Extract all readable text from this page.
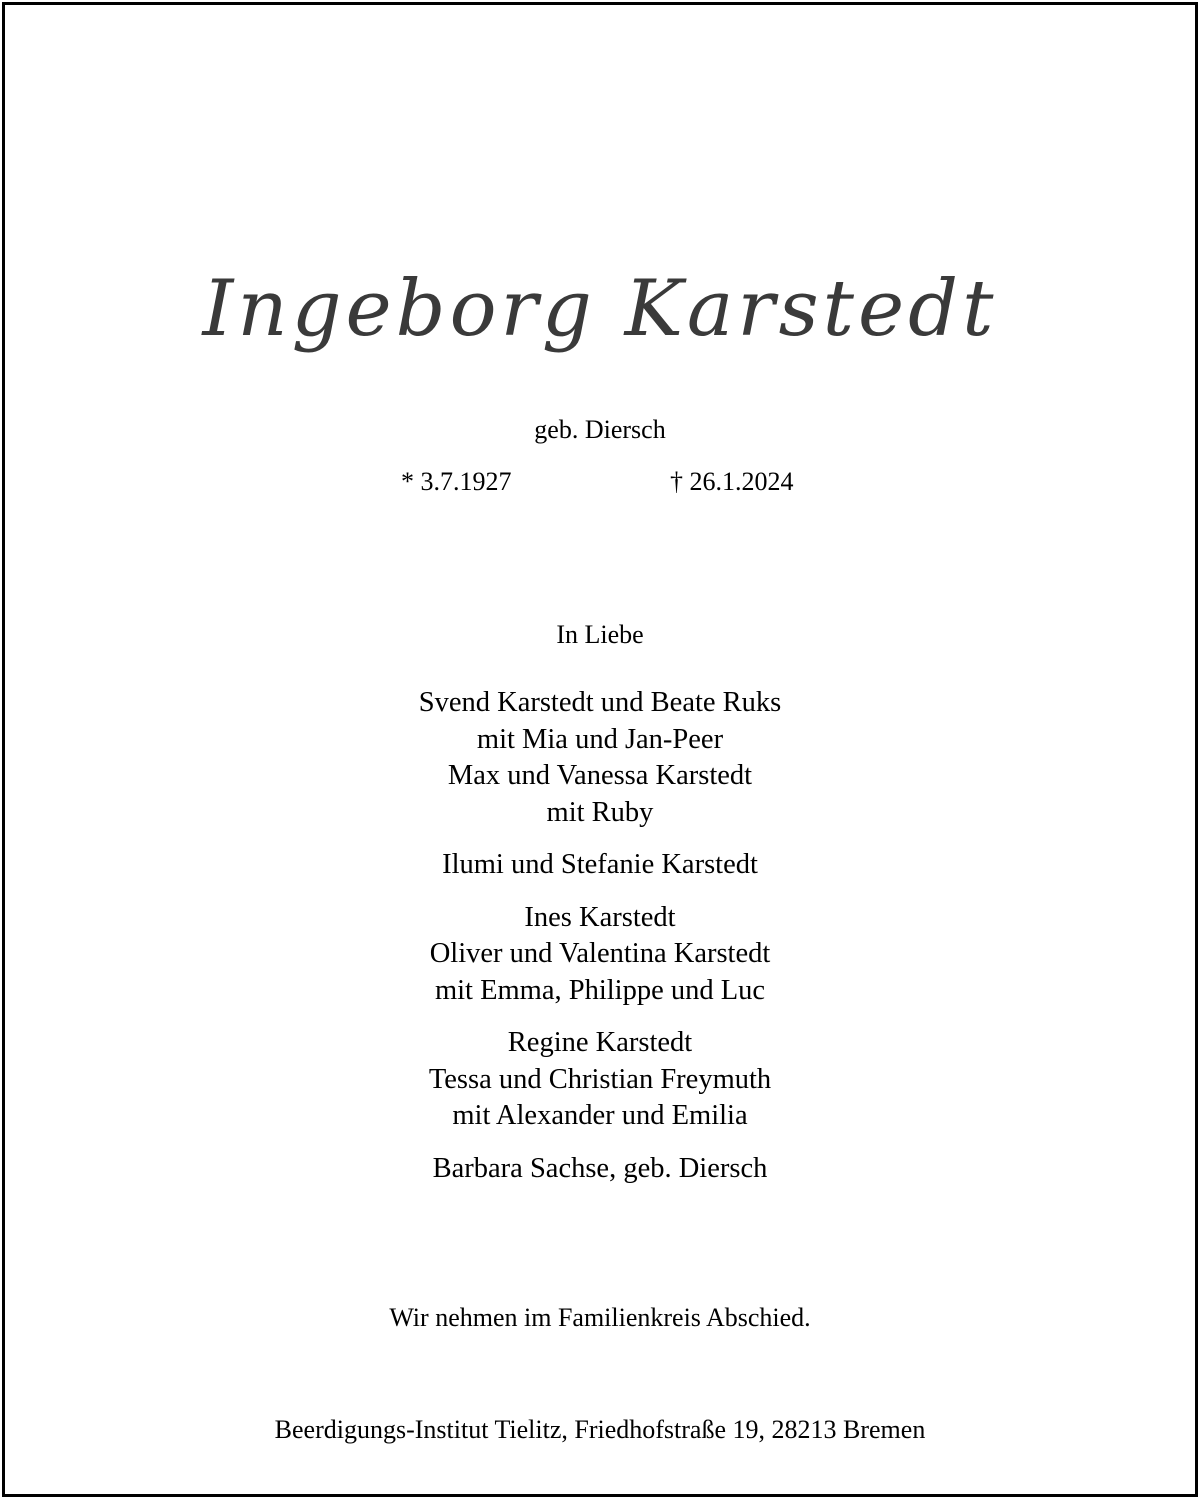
Ingeborg Karstedt
geb. Diersch
* 3.7.1927	† 26.1.2024
In Liebe
Svend Karstedt und Beate Ruks
mit Mia und Jan-Peer
Max und Vanessa Karstedt
mit Ruby
Ilumi und Stefanie Karstedt
Ines Karstedt
Oliver und Valentina Karstedt
mit Emma, Philippe und Luc
Regine Karstedt
Tessa und Christian Freymuth
mit Alexander und Emilia
Barbara Sachse, geb. Diersch
Wir nehmen im Familienkreis Abschied.
Beerdigungs-Institut Tielitz, Friedhofstraße 19, 28213 Bremen
